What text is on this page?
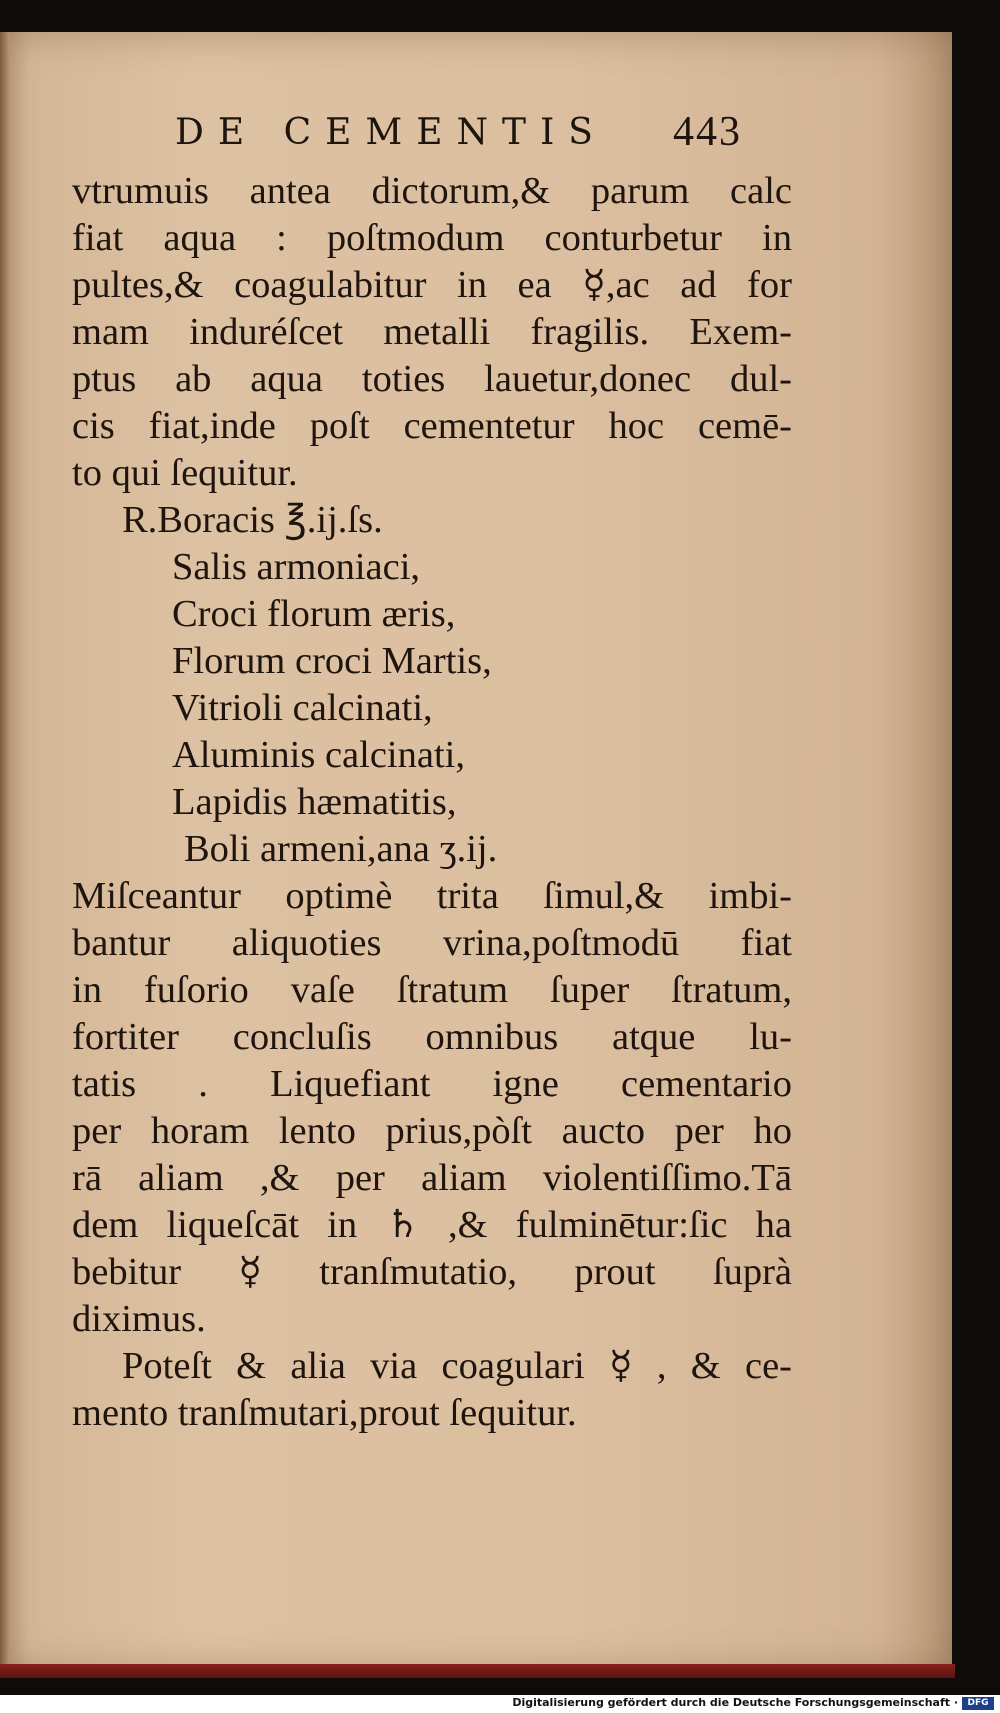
DE CEMENTIS 443
vtrumuis antea dictorum,& parum calc
fiat aqua : poſtmodum conturbetur in
pultes,& coagulabitur in ea ☿,ac ad for
mam induréſcet metalli fragilis. Exem-
ptus ab aqua toties lauetur,donec dul-
cis fiat,inde poſt cementetur hoc cemē-
to qui ſequitur.
R.Boracis ℥.ij.ſs.
Salis armoniaci,
Croci florum æris,
Florum croci Martis,
Vitrioli calcinati,
Aluminis calcinati,
Lapidis hæmatitis,
Boli armeni,ana ʒ.ij.
Miſceantur optimè trita ſimul,& imbi-
bantur aliquoties vrina,poſtmodū fiat
in fuſorio vaſe ſtratum ſuper ſtratum,
fortiter concluſis omnibus atque lu-
tatis . Liquefiant igne cementario
per horam lento prius,pòſt aucto per ho
rā aliam ,& per aliam violentiſſimo.Tā
dem liqueſcāt in ♄ ,& fulminētur:ſic ha
bebitur ☿ tranſmutatio, prout ſuprà
diximus.
Poteſt & alia via coagulari ☿ , & ce-
mento tranſmutari,prout ſequitur.
Digitalisierung gefördert durch die Deutsche Forschungsgemeinschaft ·	DFG
